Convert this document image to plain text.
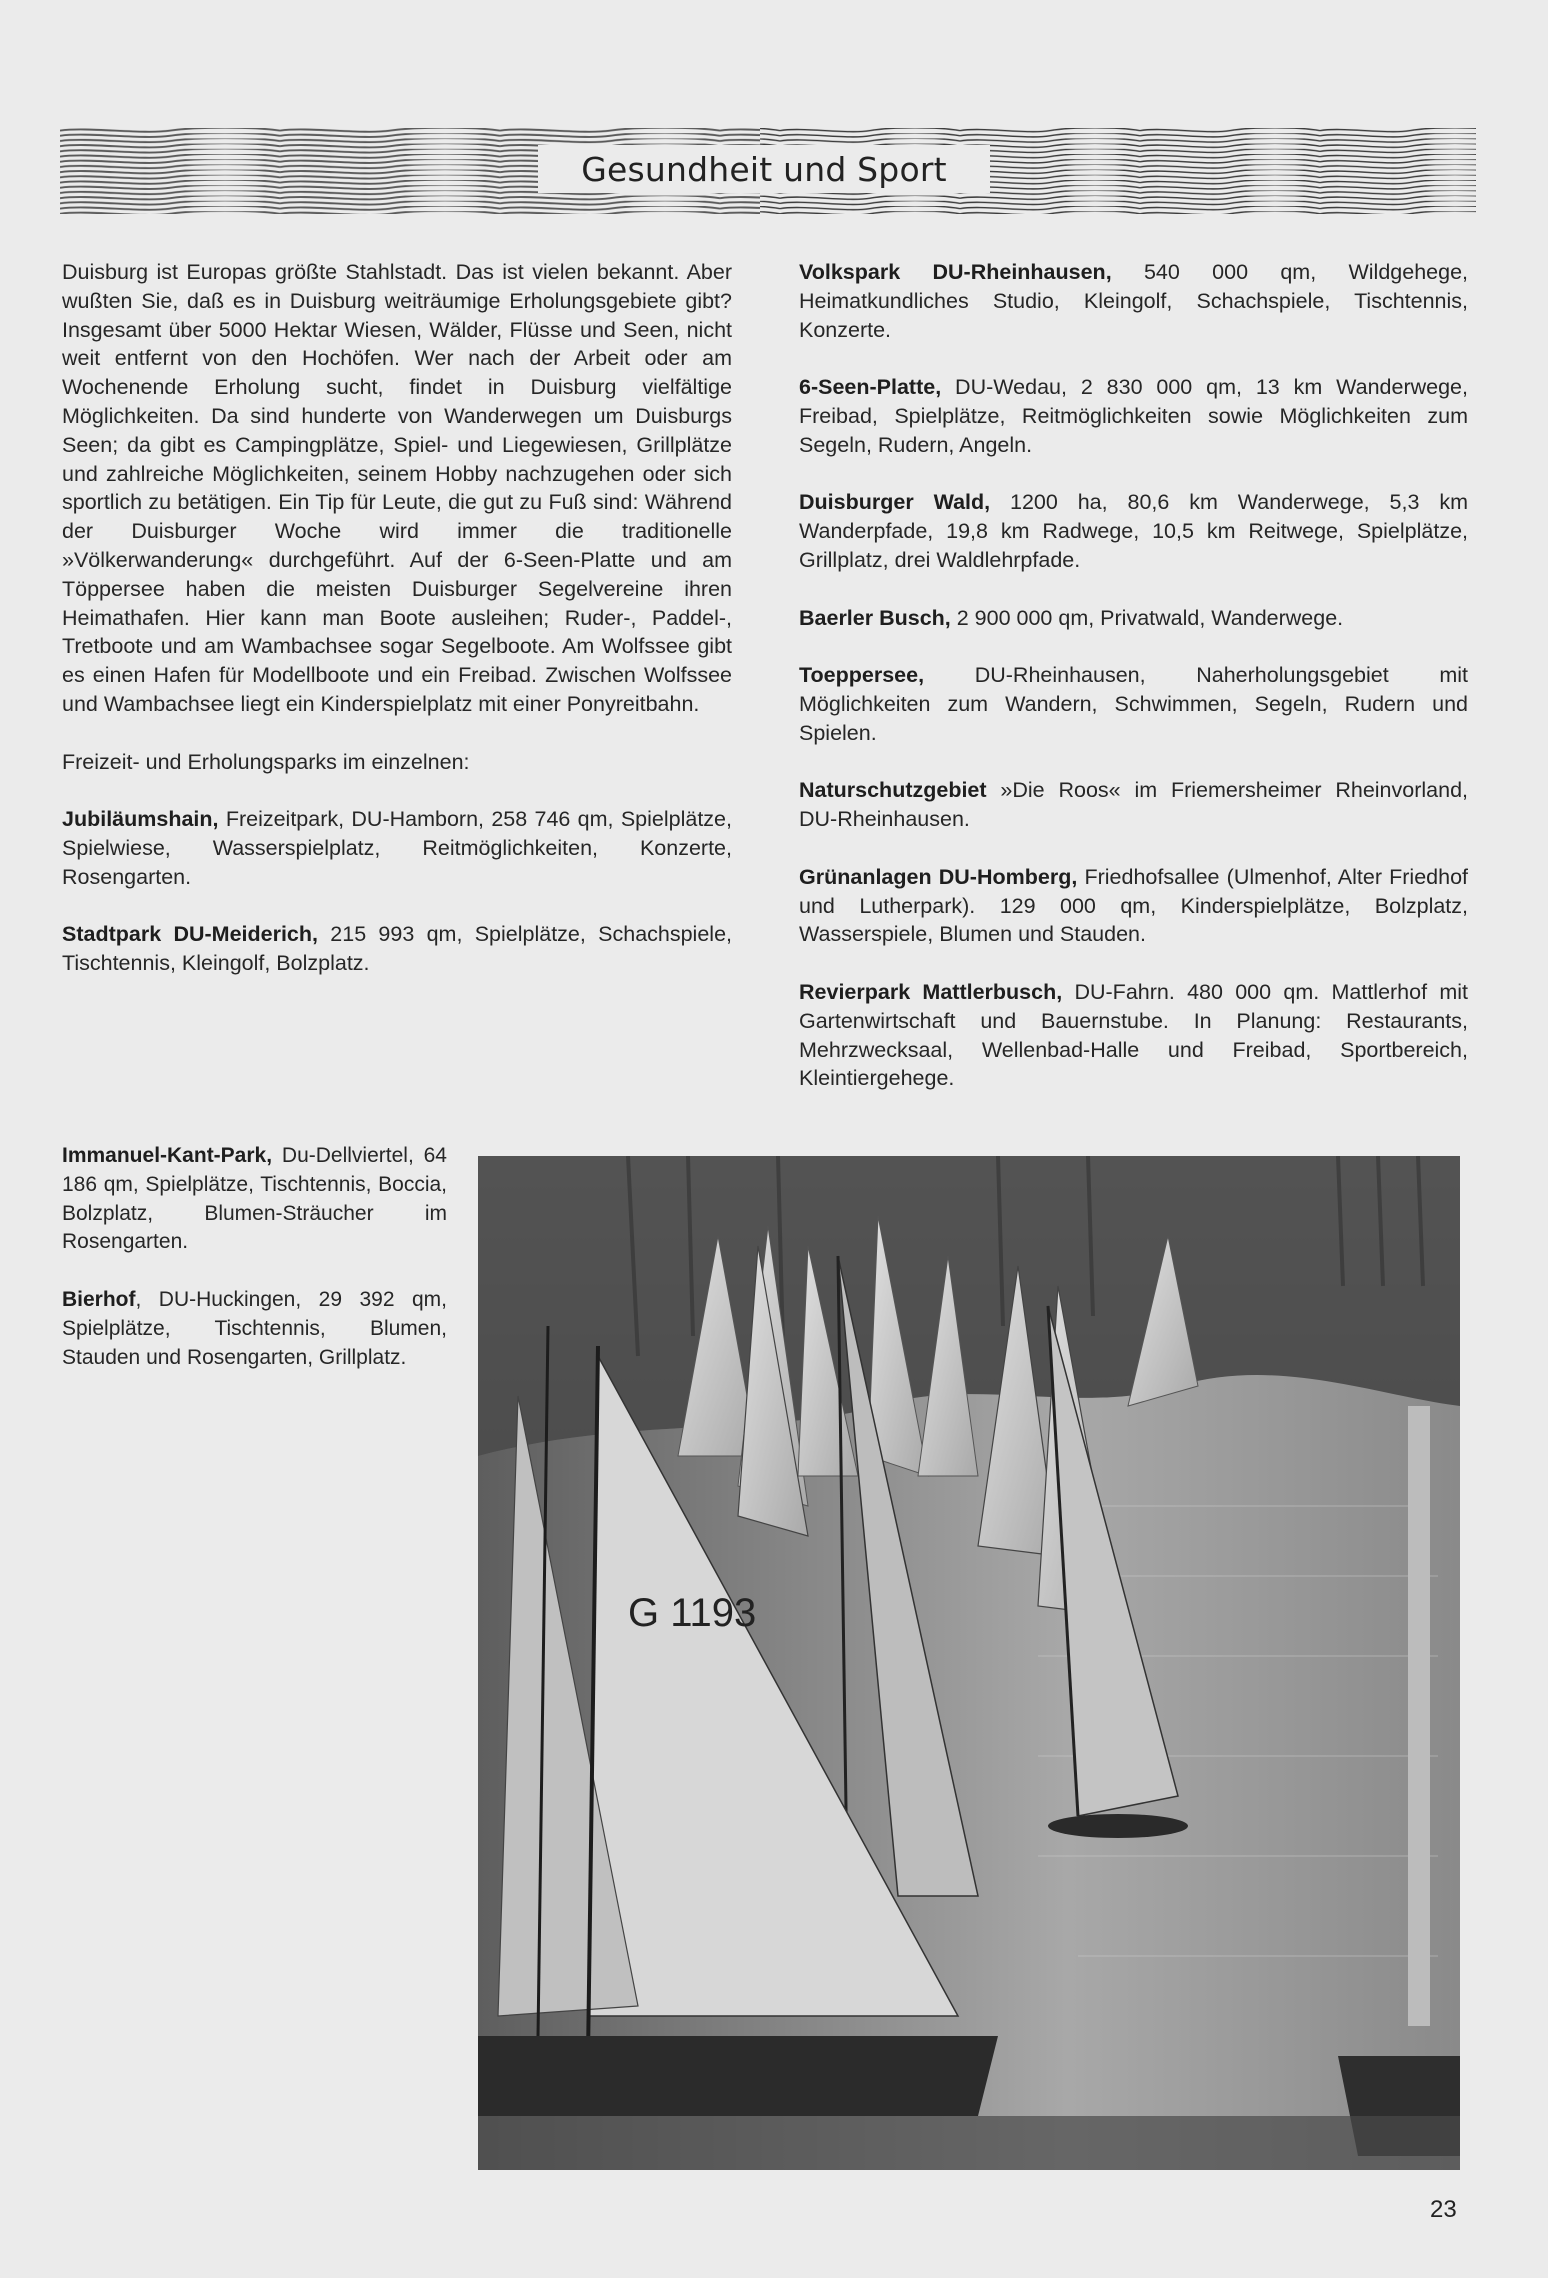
Gesundheit und Sport

Duisburg ist Europas größte Stahlstadt. Das ist vielen bekannt. Aber wußten Sie, daß es in Duisburg weiträumige Erholungsgebiete gibt? Insgesamt über 5000 Hektar Wiesen, Wälder, Flüsse und Seen, nicht weit entfernt von den Hochöfen. Wer nach der Arbeit oder am Wochenende Erholung sucht, findet in Duisburg vielfältige Möglichkeiten. Da sind hunderte von Wanderwegen um Duisburgs Seen; da gibt es Campingplätze, Spiel- und Liegewiesen, Grillplätze und zahlreiche Möglichkeiten, seinem Hobby nachzugehen oder sich sportlich zu betätigen. Ein Tip für Leute, die gut zu Fuß sind: Während der Duisburger Woche wird immer die traditionelle »Völkerwanderung« durchgeführt. Auf der 6-Seen-Platte und am Töppersee haben die meisten Duisburger Segelvereine ihren Heimathafen. Hier kann man Boote ausleihen; Ruder-, Paddel-, Tretboote und am Wambachsee sogar Segelboote. Am Wolfssee gibt es einen Hafen für Modellboote und ein Freibad. Zwischen Wolfssee und Wambachsee liegt ein Kinderspielplatz mit einer Ponyreitbahn.

Freizeit- und Erholungsparks im einzelnen:

Jubiläumshain, Freizeitpark, DU-Hamborn, 258 746 qm, Spielplätze, Spielwiese, Wasserspielplatz, Reitmöglichkeiten, Konzerte, Rosengarten.

Stadtpark DU-Meiderich, 215 993 qm, Spielplätze, Schachspiele, Tischtennis, Kleingolf, Bolzplatz.

Volkspark DU-Rheinhausen, 540 000 qm, Wildgehege, Heimatkundliches Studio, Kleingolf, Schachspiele, Tischtennis, Konzerte.

6-Seen-Platte, DU-Wedau, 2 830 000 qm, 13 km Wanderwege, Freibad, Spielplätze, Reitmöglichkeiten sowie Möglichkeiten zum Segeln, Rudern, Angeln.

Duisburger Wald, 1200 ha, 80,6 km Wanderwege, 5,3 km Wanderpfade, 19,8 km Radwege, 10,5 km Reitwege, Spielplätze, Grillplatz, drei Waldlehrpfade.

Baerler Busch, 2 900 000 qm, Privatwald, Wanderwege.

Toeppersee, DU-Rheinhausen, Naherholungsgebiet mit Möglichkeiten zum Wandern, Schwimmen, Segeln, Rudern und Spielen.

Naturschutzgebiet »Die Roos« im Friemersheimer Rheinvorland, DU-Rheinhausen.

Grünanlagen DU-Homberg, Friedhofsallee (Ulmenhof, Alter Friedhof und Lutherpark). 129 000 qm, Kinderspielplätze, Bolzplatz, Wasserspiele, Blumen und Stauden.

Revierpark Mattlerbusch, DU-Fahrn. 480 000 qm. Mattlerhof mit Gartenwirtschaft und Bauernstube. In Planung: Restaurants, Mehrzwecksaal, Wellenbad-Halle und Freibad, Sportbereich, Kleintiergehege.

Immanuel-Kant-Park, Du-Dellviertel, 64 186 qm, Spielplätze, Tischtennis, Boccia, Bolzplatz, Blumen-Sträucher im Rosengarten.

Bierhof, DU-Huckingen, 29 392 qm, Spielplätze, Tischtennis, Blumen, Stauden und Rosengarten, Grillplatz.

G 1193
23
